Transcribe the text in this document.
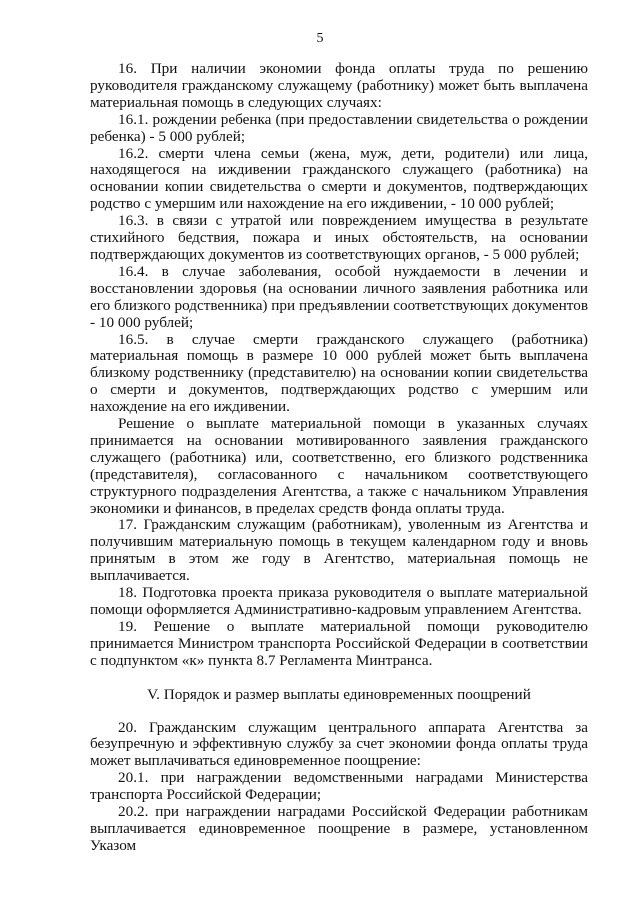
5

16. При наличии экономии фонда оплаты труда по решению руководителя гражданскому служащему (работнику) может быть выплачена материальная помощь в следующих случаях:

16.1. рождении ребенка (при предоставлении свидетельства о рождении ребенка) - 5 000 рублей;

16.2. смерти члена семьи (жена, муж, дети, родители) или лица, находящегося на иждивении гражданского служащего (работника) на основании копии свидетельства о смерти и документов, подтверждающих родство с умершим или нахождение на его иждивении, - 10 000 рублей;

16.3. в связи с утратой или повреждением имущества в результате стихийного бедствия, пожара и иных обстоятельств, на основании подтверждающих документов из соответствующих органов, - 5 000 рублей;

16.4. в случае заболевания, особой нуждаемости в лечении и восстановлении здоровья (на основании личного заявления работника или его близкого родственника) при предъявлении соответствующих документов - 10 000 рублей;

16.5. в случае смерти гражданского служащего (работника) материальная помощь в размере 10 000 рублей может быть выплачена близкому родственнику (представителю) на основании копии свидетельства о смерти и документов, подтверждающих родство с умершим или нахождение на его иждивении.

Решение о выплате материальной помощи в указанных случаях принимается на основании мотивированного заявления гражданского служащего (работника) или, соответственно, его близкого родственника (представителя), согласованного с начальником соответствующего структурного подразделения Агентства, а также с начальником Управления экономики и финансов, в пределах средств фонда оплаты труда.

17. Гражданским служащим (работникам), уволенным из Агентства и получившим материальную помощь в текущем календарном году и вновь принятым в этом же году в Агентство, материальная помощь не выплачивается.

18. Подготовка проекта приказа руководителя о выплате материальной помощи оформляется Административно-кадровым управлением Агентства.

19. Решение о выплате материальной помощи руководителю принимается Министром транспорта Российской Федерации в соответствии с подпунктом «к» пункта 8.7 Регламента Минтранса.

V. Порядок и размер выплаты единовременных поощрений

20. Гражданским служащим центрального аппарата Агентства за безупречную и эффективную службу за счет экономии фонда оплаты труда может выплачиваться единовременное поощрение:

20.1. при награждении ведомственными наградами Министерства транспорта Российской Федерации;

20.2. при награждении наградами Российской Федерации работникам выплачивается единовременное поощрение в размере, установленном Указом
